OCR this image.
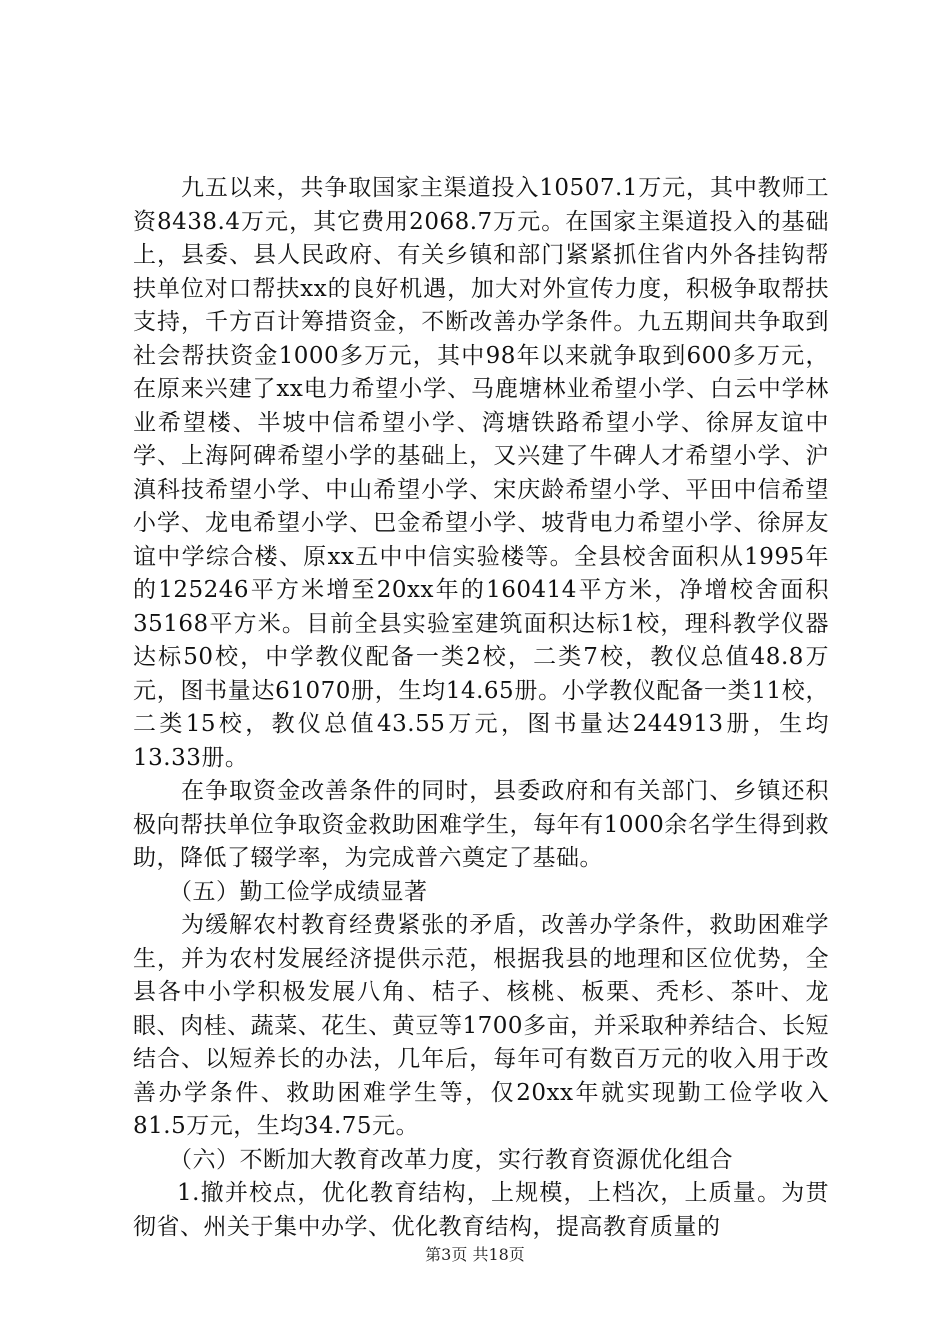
九五以来，共争取国家主渠道投入10507.1万元，其中教师工资8438.4万元，其它费用2068.7万元。在国家主渠道投入的基础上，县委、县人民政府、有关乡镇和部门紧紧抓住省内外各挂钩帮扶单位对口帮扶xx的良好机遇，加大对外宣传力度，积极争取帮扶支持，千方百计筹措资金，不断改善办学条件。九五期间共争取到社会帮扶资金1000多万元，其中98年以来就争取到600多万元，在原来兴建了xx电力希望小学、马鹿塘林业希望小学、白云中学林业希望楼、半坡中信希望小学、湾塘铁路希望小学、徐屏友谊中学、上海阿碑希望小学的基础上，又兴建了牛碑人才希望小学、沪滇科技希望小学、中山希望小学、宋庆龄希望小学、平田中信希望小学、龙电希望小学、巴金希望小学、坡背电力希望小学、徐屏友谊中学综合楼、原xx五中中信实验楼等。全县校舍面积从1995年的125246平方米增至20xx年的160414平方米，净增校舍面积35168平方米。目前全县实验室建筑面积达标1校，理科教学仪器达标50校，中学教仪配备一类2校，二类7校，教仪总值48.8万元，图书量达61070册，生均14.65册。小学教仪配备一类11校，二类15校，教仪总值43.55万元，图书量达244913册，生均13.33册。

在争取资金改善条件的同时，县委政府和有关部门、乡镇还积极向帮扶单位争取资金救助困难学生，每年有1000余名学生得到救助，降低了辍学率，为完成普六奠定了基础。

（五）勤工俭学成绩显著

为缓解农村教育经费紧张的矛盾，改善办学条件，救助困难学生，并为农村发展经济提供示范，根据我县的地理和区位优势，全县各中小学积极发展八角、桔子、核桃、板栗、秃杉、茶叶、龙眼、肉桂、蔬菜、花生、黄豆等1700多亩，并采取种养结合、长短结合、以短养长的办法，几年后，每年可有数百万元的收入用于改善办学条件、救助困难学生等，仅20xx年就实现勤工俭学收入81.5万元，生均34.75元。

（六）不断加大教育改革力度，实行教育资源优化组合

1.撤并校点，优化教育结构，上规模，上档次，上质量。为贯彻省、州关于集中办学、优化教育结构，提高教育质量的

第3页 共18页
